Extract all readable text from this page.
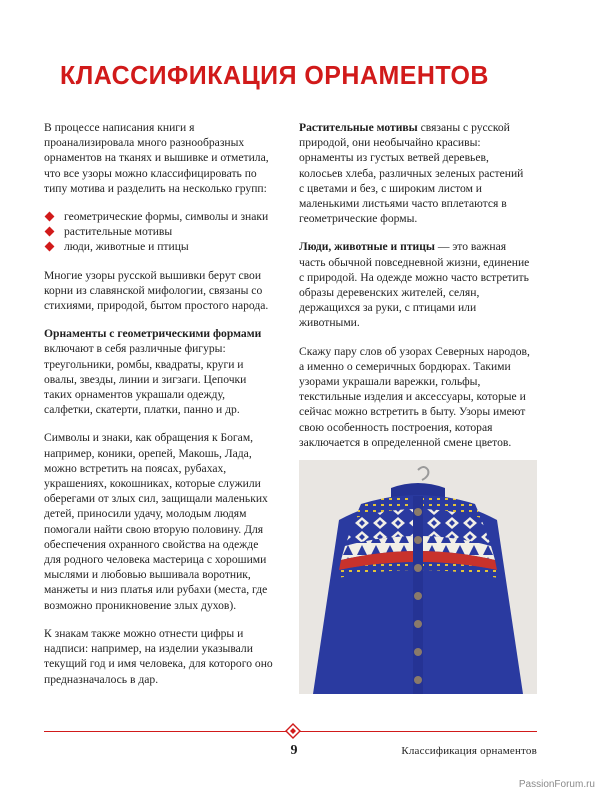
КЛАССИФИКАЦИЯ ОРНАМЕНТОВ

В процессе написания книги я проанализировала много разнообразных орнаментов на тканях и вышивке и отметила, что все узоры можно классифицировать по типу мотива и разделить на несколько групп:

геометрические формы, символы и знаки
растительные мотивы
люди, животные и птицы

Многие узоры русской вышивки берут свои корни из славянской мифологии, связаны со стихиями, природой, бытом простого народа.

Орнаменты с геометрическими формами включают в себя различные фигуры: треугольники, ромбы, квадраты, круги и овалы, звезды, линии и зигзаги. Цепочки таких орнаментов украшали одежду, салфетки, скатерти, платки, панно и др.

Символы и знаки, как обращения к Богам, например, коники, орепей, Макошь, Лада, можно встретить на поясах, рубахах, украшениях, кокошниках, которые служили оберегами от злых сил, защищали маленьких детей, приносили удачу, молодым людям помогали найти свою вторую половину. Для обеспечения охранного свойства на одежде для родного человека мастерица с хорошими мыслями и любовью вышивала воротник, манжеты и низ платья или рубахи (места, где возможно проникновение злых духов).

К знакам также можно отнести цифры и надписи: например, на изделии указывали текущий год и имя человека, для которого оно предназначалось в дар.

Растительные мотивы связаны с русской природой, они необычайно красивы: орнаменты из густых ветвей деревьев, колосьев хлеба, различных зеленых растений с цветами и без, с широким листом и маленькими листьями часто вплетаются в геометрические формы.

Люди, животные и птицы — это важная часть обычной повседневной жизни, единение с природой. На одежде можно часто встретить образы деревенских жителей, селян, держащихся за руки, с птицами или животными.

Скажу пару слов об узорах Северных народов, а именно о семеричных бордюрах. Такими узорами украшали варежки, гольфы, текстильные изделия и аксессуары, которые и сейчас можно встретить в быту. Узоры имеют свою особенность построения, которая заключается в определенной смене цветов.

9	Классификация орнаментов
PassionForum.ru
